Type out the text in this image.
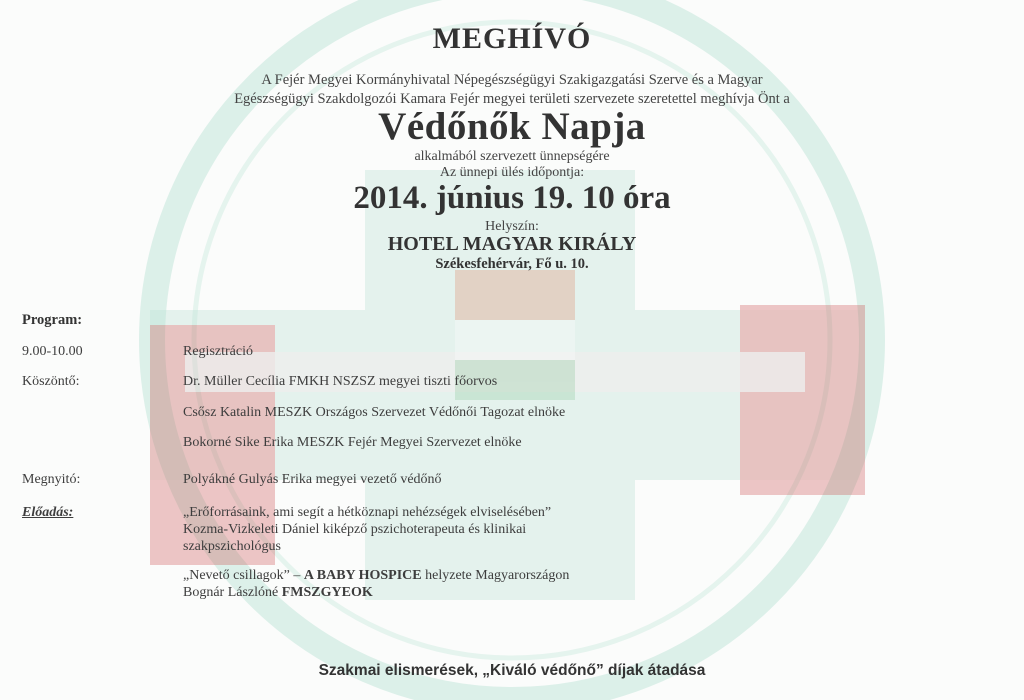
MEGHÍVÓ
A Fejér Megyei Kormányhivatal Népegészségügyi Szakigazgatási Szerve és a Magyar
Egészségügyi Szakdolgozói Kamara Fejér megyei területi szervezete szeretettel meghívja Önt a
Védőnők Napja
alkalmából szervezett ünnepségére
Az ünnepi ülés időpontja:
2014. június 19. 10 óra
Helyszín:
HOTEL MAGYAR KIRÁLY
Székesfehérvár, Fő u. 10.
Program:
9.00-10.00	Regisztráció
Köszöntő:	Dr. Müller Cecília FMKH NSZSZ megyei tiszti főorvos
Csősz Katalin MESZK Országos Szervezet Védőnői Tagozat elnöke
Bokorné Sike Erika MESZK Fejér Megyei Szervezet elnöke
Megnyitó:	Polyákné Gulyás Erika megyei vezető védőnő
Előadás:	„Erőforrásaink, ami segít a hétköznapi nehézségek elviselésében”
Kozma-Vizkeleti Dániel kiképző pszichoterapeuta és klinikai
szakpszichológus
„Nevető csillagok” – A BABY HOSPICE helyzete Magyarországon
Bognár Lászlóné FMSZGYEOK
Szakmai elismerések, „Kiváló védőnő” díjak átadása
